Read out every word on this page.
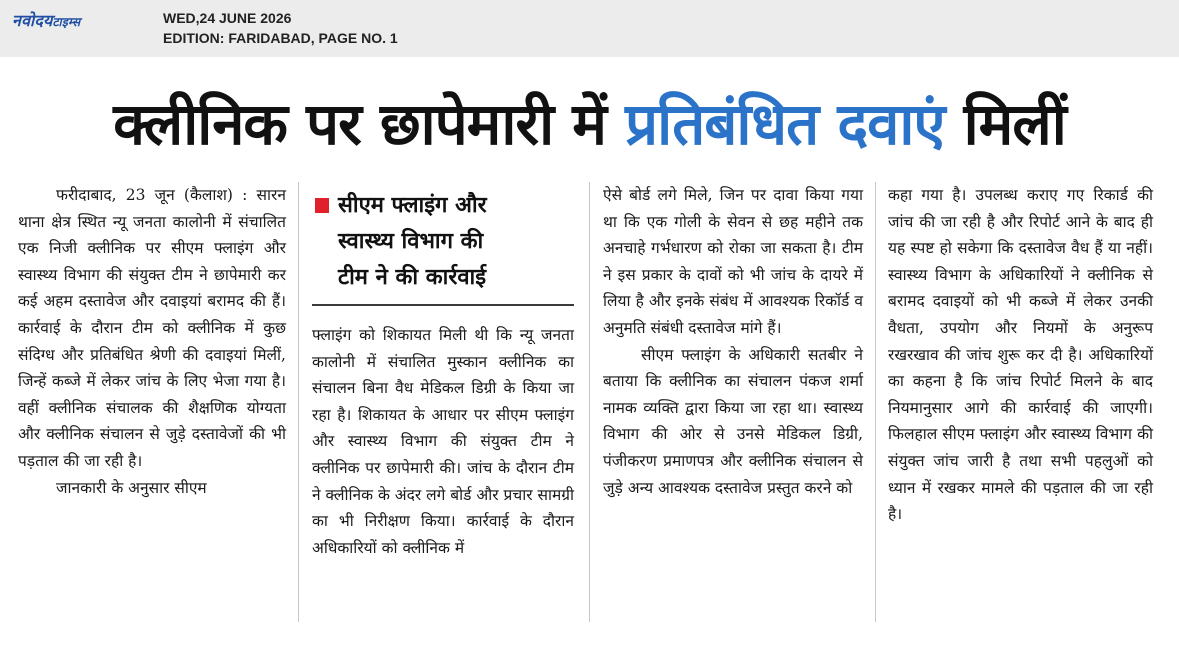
नवोदयटाइम्स	WED,24 JUNE 2026
EDITION: FARIDABAD, PAGE NO. 1
क्लीनिक पर छापेमारी में प्रतिबंधित दवाएं मिलीं

फरीदाबाद, 23 जून (कैलाश) : सारन थाना क्षेत्र स्थित न्यू जनता कालोनी में संचालित एक निजी क्लीनिक पर सीएम फ्लाइंग और स्वास्थ्य विभाग की संयुक्त टीम ने छापेमारी कर कई अहम दस्तावेज और दवाइयां बरामद की हैं। कार्रवाई के दौरान टीम को क्लीनिक में कुछ संदिग्ध और प्रतिबंधित श्रेणी की दवाइयां मिलीं, जिन्हें कब्जे में लेकर जांच के लिए भेजा गया है। वहीं क्लीनिक संचालक की शैक्षणिक योग्यता और क्लीनिक संचालन से जुड़े दस्तावेजों की भी पड़ताल की जा रही है।

जानकारी के अनुसार सीएम

सीएम फ्लाइंग और
स्वास्थ्य विभाग की
टीम ने की कार्रवाई

फ्लाइंग को शिकायत मिली थी कि न्यू जनता कालोनी में संचालित मुस्कान क्लीनिक का संचालन बिना वैध मेडिकल डिग्री के किया जा रहा है। शिकायत के आधार पर सीएम फ्लाइंग और स्वास्थ्य विभाग की संयुक्त टीम ने क्लीनिक पर छापेमारी की। जांच के दौरान टीम ने क्लीनिक के अंदर लगे बोर्ड और प्रचार सामग्री का भी निरीक्षण किया। कार्रवाई के दौरान अधिकारियों को क्लीनिक में

ऐसे बोर्ड लगे मिले, जिन पर दावा किया गया था कि एक गोली के सेवन से छह महीने तक अनचाहे गर्भधारण को रोका जा सकता है। टीम ने इस प्रकार के दावों को भी जांच के दायरे में लिया है और इनके संबंध में आवश्यक रिकॉर्ड व अनुमति संबंधी दस्तावेज मांगे हैं।

सीएम फ्लाइंग के अधिकारी सतबीर ने बताया कि क्लीनिक का संचालन पंकज शर्मा नामक व्यक्ति द्वारा किया जा रहा था। स्वास्थ्य विभाग की ओर से उनसे मेडिकल डिग्री, पंजीकरण प्रमाणपत्र और क्लीनिक संचालन से जुड़े अन्य आवश्यक दस्तावेज प्रस्तुत करने को

कहा गया है। उपलब्ध कराए गए रिकार्ड की जांच की जा रही है और रिपोर्ट आने के बाद ही यह स्पष्ट हो सकेगा कि दस्तावेज वैध हैं या नहीं। स्वास्थ्य विभाग के अधिकारियों ने क्लीनिक से बरामद दवाइयों को भी कब्जे में लेकर उनकी वैधता, उपयोग और नियमों के अनुरूप रखरखाव की जांच शुरू कर दी है। अधिकारियों का कहना है कि जांच रिपोर्ट मिलने के बाद नियमानुसार आगे की कार्रवाई की जाएगी। फिलहाल सीएम फ्लाइंग और स्वास्थ्य विभाग की संयुक्त जांच जारी है तथा सभी पहलुओं को ध्यान में रखकर मामले की पड़ताल की जा रही है।
